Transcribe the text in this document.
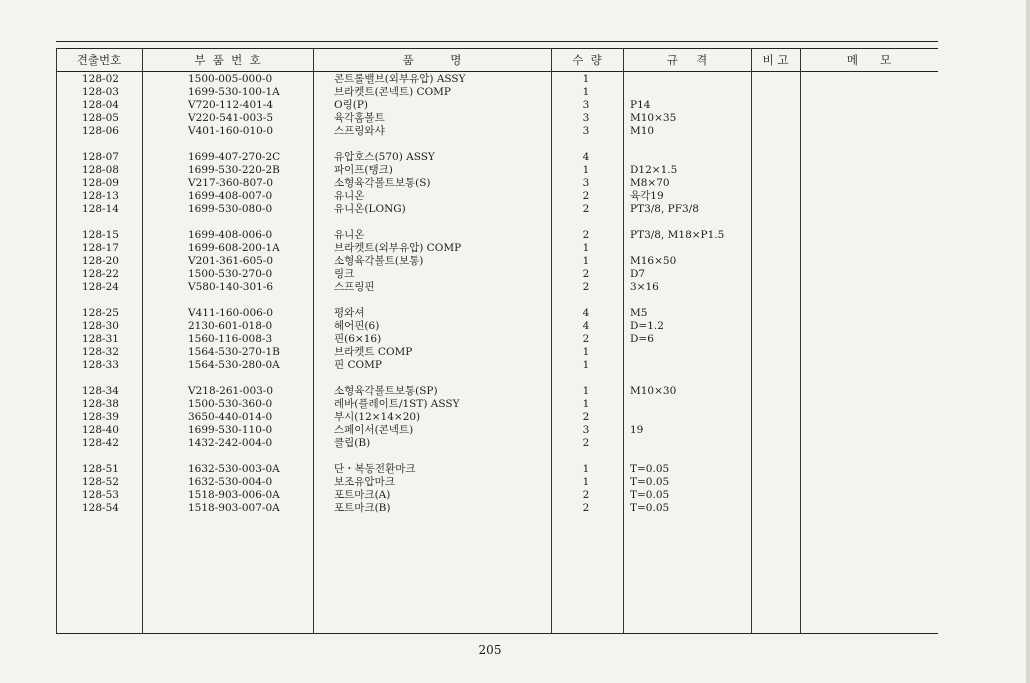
견출번호	부  품  번  호	품          명	수  량	규     격	비 고	메      모
128-02	1500-005-000-0	콘트롤밸브(외부유압) ASSY	1
128-03	1699-530-100-1A	브라켓트(콘넥트) COMP	1
128-04	V720-112-401-4	O링(P)	3	P14
128-05	V220-541-003-5	육각홈볼트	3	M10×35
128-06	V401-160-010-0	스프링와샤	3	M10
128-07	1699-407-270-2C	유압호스(570) ASSY	4
128-08	1699-530-220-2B	파이프(탱크)	1	D12×1.5
128-09	V217-360-807-0	소형육각볼트보통(S)	3	M8×70
128-13	1699-408-007-0	유니온	2	육각19
128-14	1699-530-080-0	유니온(LONG)	2	PT3/8, PF3/8
128-15	1699-408-006-0	유니온	2	PT3/8, M18×P1.5
128-17	1699-608-200-1A	브라켓트(외부유압) COMP	1
128-20	V201-361-605-0	소형육각볼트(보통)	1	M16×50
128-22	1500-530-270-0	링크	2	D7
128-24	V580-140-301-6	스프링핀	2	3×16
128-25	V411-160-006-0	평와셔	4	M5
128-30	2130-601-018-0	헤어핀(6)	4	D=1.2
128-31	1560-116-008-3	핀(6×16)	2	D=6
128-32	1564-530-270-1B	브라켓트 COMP	1
128-33	1564-530-280-0A	핀 COMP	1
128-34	V218-261-003-0	소형육각볼트보통(SP)	1	M10×30
128-38	1500-530-360-0	레바(플레이트/1ST) ASSY	1
128-39	3650-440-014-0	부시(12×14×20)	2
128-40	1699-530-110-0	스페이서(콘넥트)	3	19
128-42	1432-242-004-0	클립(B)	2
128-51	1632-530-003-0A	단・복동전환마크	1	T=0.05
128-52	1632-530-004-0	보조유압마크	1	T=0.05
128-53	1518-903-006-0A	포트마크(A)	2	T=0.05
128-54	1518-903-007-0A	포트마크(B)	2	T=0.05
205
